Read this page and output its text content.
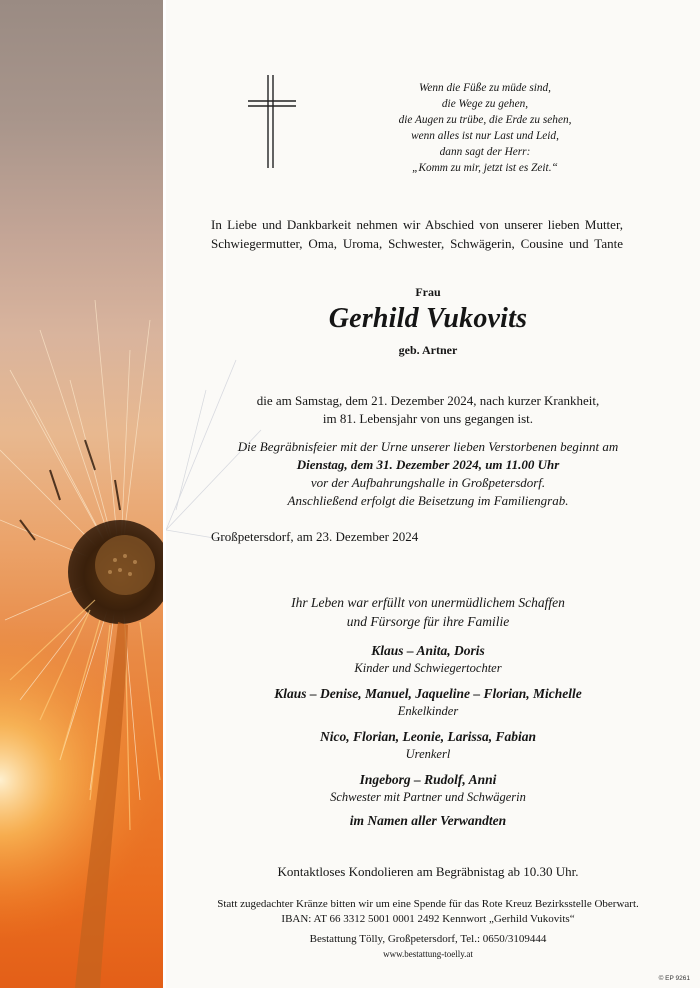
Wenn die Füße zu müde sind,
die Wege zu gehen,
die Augen zu trübe, die Erde zu sehen,
wenn alles ist nur Last und Leid,
dann sagt der Herr:
„Komm zu mir, jetzt ist es Zeit.“
In Liebe und Dankbarkeit nehmen wir Abschied von unserer lieben Mutter, Schwiegermutter, Oma, Uroma, Schwester, Schwägerin, Cousine und Tante
Frau
Gerhild Vukovits
geb. Artner
die am Samstag, dem 21. Dezember 2024, nach kurzer Krankheit,
im 81. Lebensjahr von uns gegangen ist.
Die Begräbnisfeier mit der Urne unserer lieben Verstorbenen beginnt am
Dienstag, dem 31. Dezember 2024, um 11.00 Uhr
vor der Aufbahrungshalle in Großpetersdorf.
Anschließend erfolgt die Beisetzung im Familiengrab.
Großpetersdorf, am 23. Dezember 2024
Ihr Leben war erfüllt von unermüdlichem Schaffen
und Fürsorge für ihre Familie
Klaus – Anita, Doris
Kinder und Schwiegertochter
Klaus – Denise, Manuel, Jaqueline – Florian, Michelle
Enkelkinder
Nico, Florian, Leonie, Larissa, Fabian
Urenkerl
Ingeborg – Rudolf, Anni
Schwester mit Partner und Schwägerin
im Namen aller Verwandten
Kontaktloses Kondolieren am Begräbnistag ab 10.30 Uhr.
Statt zugedachter Kränze bitten wir um eine Spende für das Rote Kreuz Bezirksstelle Oberwart.
IBAN: AT 66 3312 5001 0001 2492 Kennwort „Gerhild Vukovits“
Bestattung Tölly, Großpetersdorf, Tel.: 0650/3109444
www.bestattung-toelly.at
© EP 9261
